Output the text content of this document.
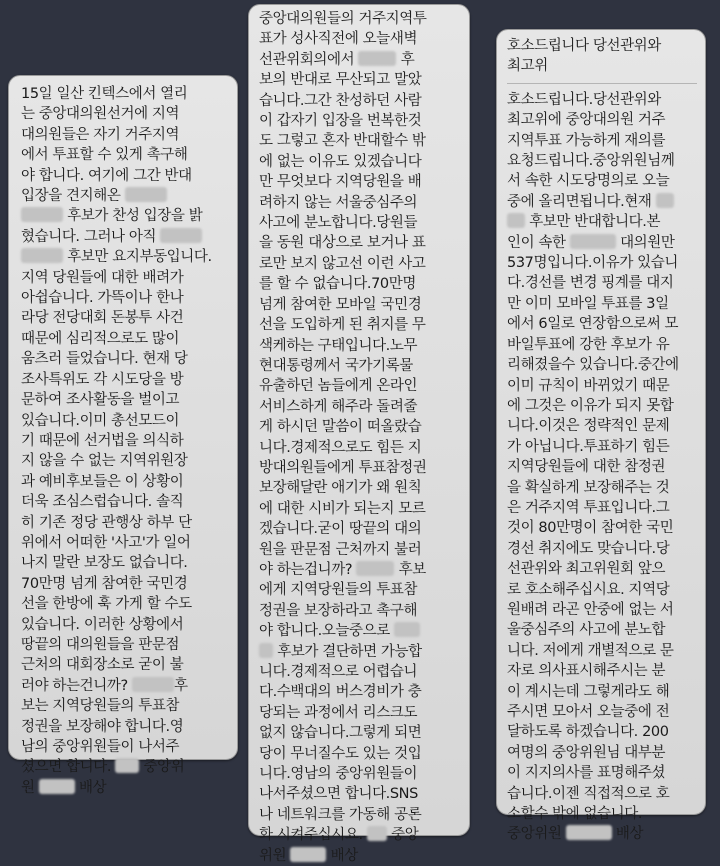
15일 일산 킨텍스에서 열리
는 중앙대의원선거에 지역
대의원들은 자기 거주지역
에서 투표할 수 있게 촉구해
야 합니다. 여기에 그간 반대
입장을 견지해온
후보가 찬성 입장을 밝
혔습니다. 그러나 아직
후보만 요지부동입니다.
지역 당원들에 대한 배려가
아쉽습니다. 가뜩이나 한나
라당 전당대회 돈봉투 사건
때문에 심리적으로도 많이
움츠러 들었습니다. 현재 당
조사특위도 각 시도당을 방
문하여 조사활동을 벌이고
있습니다.이미 총선모드이
기 때문에 선거법을 의식하
지 않을 수 없는 지역위원장
과 예비후보들은 이 상황이
더욱 조심스럽습니다. 솔직
히 기존 정당 관행상 하부 단
위에서 어떠한 '사고'가 일어
나지 말란 보장도 없습니다.
70만명 넘게 참여한 국민경
선을 한방에 훅 가게 할 수도
있습니다. 이러한 상황에서
땅끝의 대의원들을 판문점
근처의 대회장소로 굳이 불
러야 하는건니까?	후
보는 지역당원들의 투표참
정권을 보장해야 합니다.영
남의 중앙위원들이 나서주
셨으면 합니다. 중앙위
원	배상
중앙대의원들의 거주지역투
표가 성사직전에 오늘새벽
선관위회의에서	후
보의 반대로 무산되고 말았
습니다.그간 찬성하던 사람
이 갑자기 입장을 번복한것
도 그렇고 혼자 반대할수 밖
에 없는 이유도 있겠습니다
만 무엇보다 지역당원을 배
려하지 않는 서울중심주의
사고에 분노합니다.당원들
을 동원 대상으로 보거나 표
로만 보지 않고선 이런 사고
를 할 수 없습니다.70만명
넘게 참여한 모바일 국민경
선을 도입하게 된 취지를 무
색케하는 구태입니다.노무
현대통령께서 국가기록물
유출하던 놈들에게 온라인
서비스하게 해주라 돌려줄
게 하시던 말씀이 떠올랐습
니다.경제적으로도 힘든 지
방대의원들에게 투표참정권
보장해달란 애기가 왜 원칙
에 대한 시비가 되는지 모르
겠습니다.굳이 땅끝의 대의
원을 판문점 근처까지 불러
야 하는겁니까?	후보
에게 지역당원들의 투표참
정권을 보장하라고 촉구해
야 합니다.오늘중으로
후보가 결단하면 가능합
니다.경제적으로 어렵습니
다.수백대의 버스경비가 충
당되는 과정에서 리스크도
없지 않습니다.그렇게 되면
당이 무너질수도 있는 것입
니다.영남의 중앙위원들이
나서주셨으면 합니다.SNS
나 네트워크를 가동해 공론
화 시켜주십시요. 중앙
위원	배상
호소드립니다 당선관위와
최고위
호소드립니다.당선관위와
최고위에 중앙대의원 거주
지역투표 가능하게 재의를
요청드립니다.중앙위원님께
서 속한 시도당명의로 오늘
중에 올리면됩니다.현재
후보만 반대합니다.본
인이 속한	대의원만
537명입니다.이유가 있습니
다.경선를 변경 핑계를 대지
만 이미 모바일 투표를 3일
에서 6일로 연장함으로써 모
바일투표에 강한 후보가 유
리해졌을수 있습니다.중간에
이미 규칙이 바뀌었기 때문
에 그것은 이유가 되지 못합
니다.이것은 정략적인 문제
가 아닙니다.투표하기 힘든
지역당원들에 대한 참정권
을 확실하게 보장해주는 것
은 거주지역 투표입니다.그
것이 80만명이 참여한 국민
경선 취지에도 맞습니다.당
선관위와 최고위원회 앞으
로 호소해주십시요. 지역당
원배려 라곤 안중에 없는 서
울중심주의 사고에 분노합
니다. 저에게 개별적으로 문
자로 의사표시해주시는 분
이 계시는데 그렇게라도 해
주시면 모아서 오늘중에 전
달하도록 하겠습니다. 200
여명의 중앙위원님 대부분
이 지지의사를 표명해주셨
습니다.이젠 직접적으로 호
소할수 밖에 없습니다.
중앙위원	배상
